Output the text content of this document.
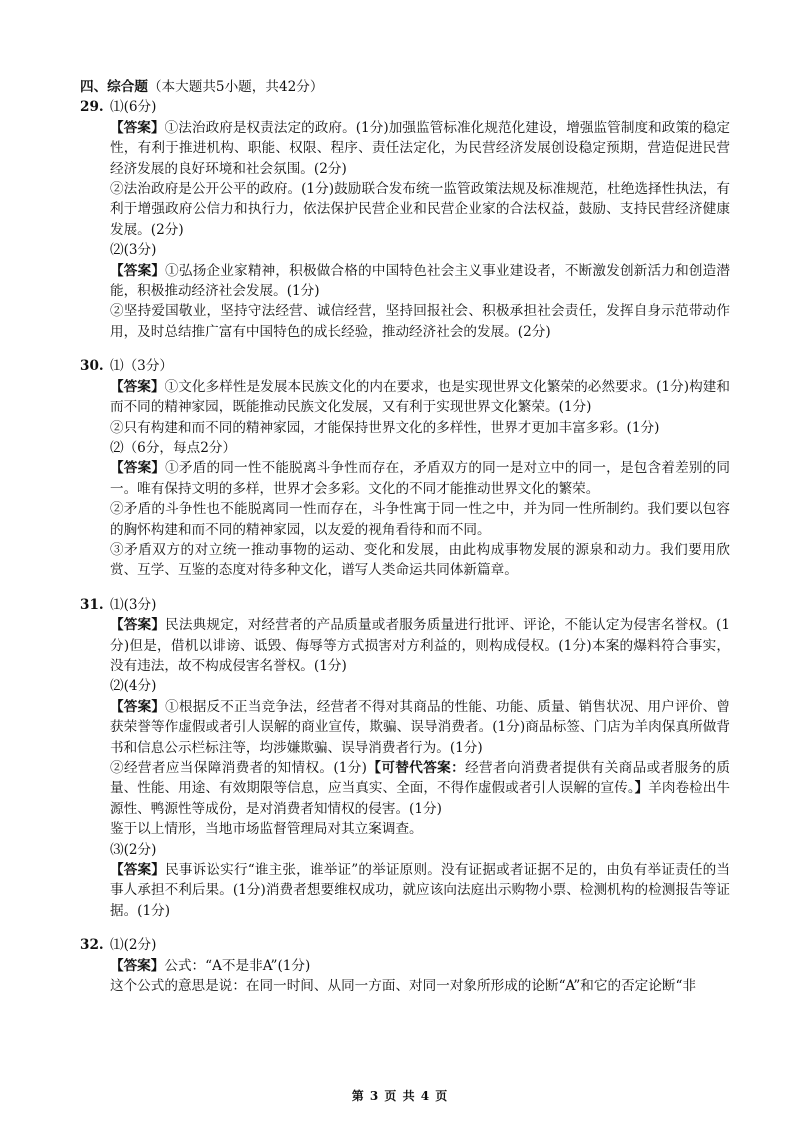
四、综合题（本大题共5小题，共42分）

29. ⑴(6分)
【答案】①法治政府是权责法定的政府。(1分)加强监管标准化规范化建设，增强监管制度和政策的稳定性，有利于推进机构、职能、权限、程序、责任法定化，为民营经济发展创设稳定预期，营造促进民营经济发展的良好环境和社会氛围。(2分)
②法治政府是公开公平的政府。(1分)鼓励联合发布统一监管政策法规及标准规范，杜绝选择性执法，有利于增强政府公信力和执行力，依法保护民营企业和民营企业家的合法权益，鼓励、支持民营经济健康发展。(2分)
⑵(3分)
【答案】①弘扬企业家精神，积极做合格的中国特色社会主义事业建设者，不断激发创新活力和创造潜能，积极推动经济社会发展。(1分)
②坚持爱国敬业，坚持守法经营、诚信经营，坚持回报社会、积极承担社会责任，发挥自身示范带动作用，及时总结推广富有中国特色的成长经验，推动经济社会的发展。(2分)
30. ⑴（3分）
【答案】①文化多样性是发展本民族文化的内在要求，也是实现世界文化繁荣的必然要求。(1分)构建和而不同的精神家园，既能推动民族文化发展，又有利于实现世界文化繁荣。(1分)
②只有构建和而不同的精神家园，才能保持世界文化的多样性，世界才更加丰富多彩。(1分)
⑵（6分，每点2分）
【答案】①矛盾的同一性不能脱离斗争性而存在，矛盾双方的同一是对立中的同一，是包含着差别的同一。唯有保持文明的多样，世界才会多彩。文化的不同才能推动世界文化的繁荣。
②矛盾的斗争性也不能脱离同一性而存在，斗争性寓于同一性之中，并为同一性所制约。我们要以包容的胸怀构建和而不同的精神家园，以友爱的视角看待和而不同。
③矛盾双方的对立统一推动事物的运动、变化和发展，由此构成事物发展的源泉和动力。我们要用欣赏、互学、互鉴的态度对待多种文化，谱写人类命运共同体新篇章。
31. ⑴(3分)
【答案】民法典规定，对经营者的产品质量或者服务质量进行批评、评论，不能认定为侵害名誉权。(1分)但是，借机以诽谤、诋毁、侮辱等方式损害对方利益的，则构成侵权。(1分)本案的爆料符合事实，没有违法，故不构成侵害名誉权。(1分)
⑵(4分)
【答案】①根据反不正当竞争法，经营者不得对其商品的性能、功能、质量、销售状况、用户评价、曾获荣誉等作虚假或者引人误解的商业宣传，欺骗、误导消费者。(1分)商品标签、门店为羊肉保真所做背书和信息公示栏标注等，均涉嫌欺骗、误导消费者行为。(1分)
②经营者应当保障消费者的知情权。(1分)【可替代答案：经营者向消费者提供有关商品或者服务的质量、性能、用途、有效期限等信息，应当真实、全面，不得作虚假或者引人误解的宣传。】羊肉卷检出牛源性、鸭源性等成份，是对消费者知情权的侵害。(1分)
鉴于以上情形，当地市场监督管理局对其立案调查。
⑶(2分)
【答案】民事诉讼实行“谁主张，谁举证”的举证原则。没有证据或者证据不足的，由负有举证责任的当事人承担不利后果。(1分)消费者想要维权成功，就应该向法庭出示购物小票、检测机构的检测报告等证据。(1分)
32. ⑴(2分)
【答案】公式：“A不是非A”(1分)
这个公式的意思是说：在同一时间、从同一方面、对同一对象所形成的论断“A”和它的否定论断“非
第 3 页 共 4 页
